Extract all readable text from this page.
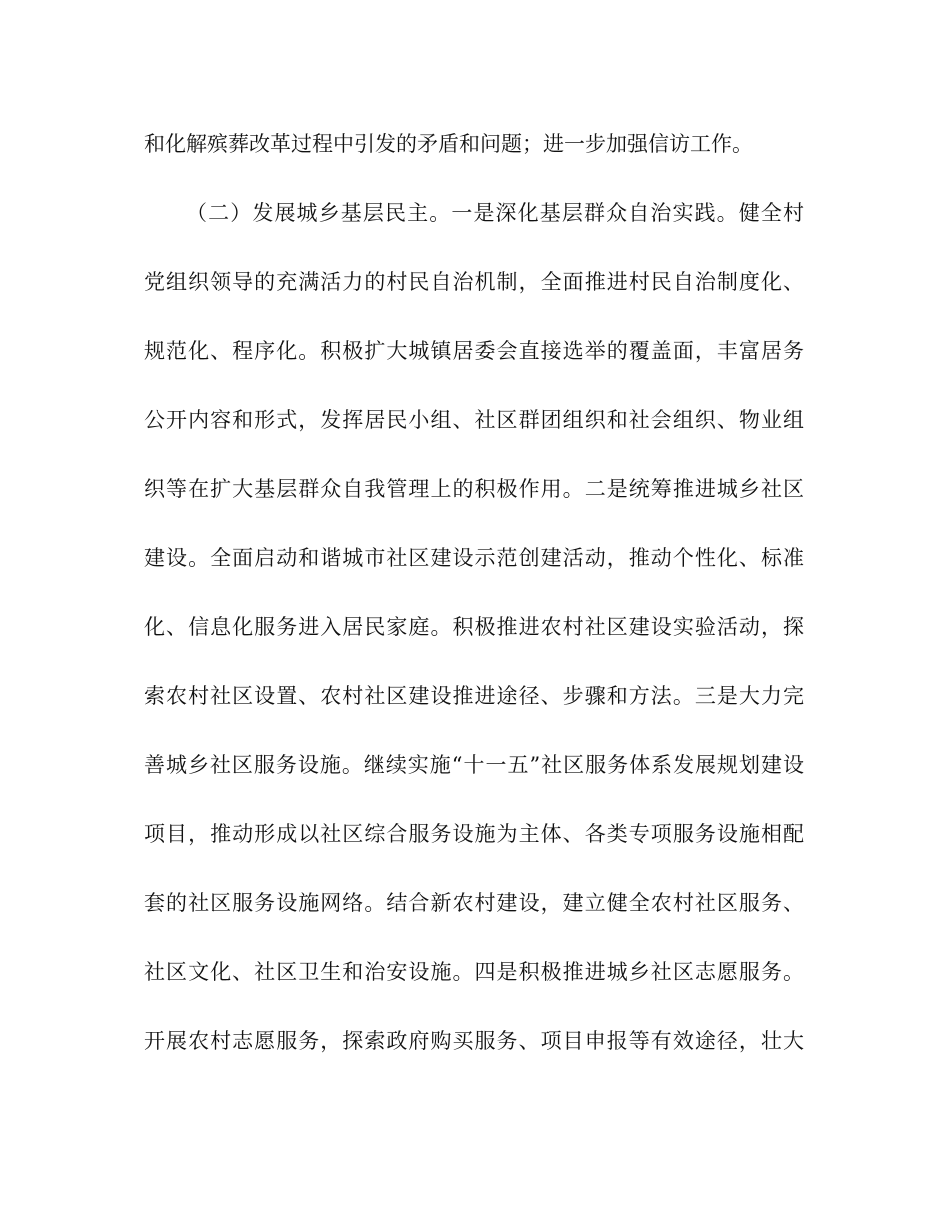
和化解殡葬改革过程中引发的矛盾和问题；进一步加强信访工作。
（二）发展城乡基层民主。一是深化基层群众自治实践。健全村
党组织领导的充满活力的村民自治机制，全面推进村民自治制度化、
规范化、程序化。积极扩大城镇居委会直接选举的覆盖面，丰富居务
公开内容和形式，发挥居民小组、社区群团组织和社会组织、物业组
织等在扩大基层群众自我管理上的积极作用。二是统筹推进城乡社区
建设。全面启动和谐城市社区建设示范创建活动，推动个性化、标准
化、信息化服务进入居民家庭。积极推进农村社区建设实验活动，探
索农村社区设置、农村社区建设推进途径、步骤和方法。三是大力完
善城乡社区服务设施。继续实施“十一五”社区服务体系发展规划建设
项目，推动形成以社区综合服务设施为主体、各类专项服务设施相配
套的社区服务设施网络。结合新农村建设，建立健全农村社区服务、
社区文化、社区卫生和治安设施。四是积极推进城乡社区志愿服务。
开展农村志愿服务，探索政府购买服务、项目申报等有效途径，壮大
